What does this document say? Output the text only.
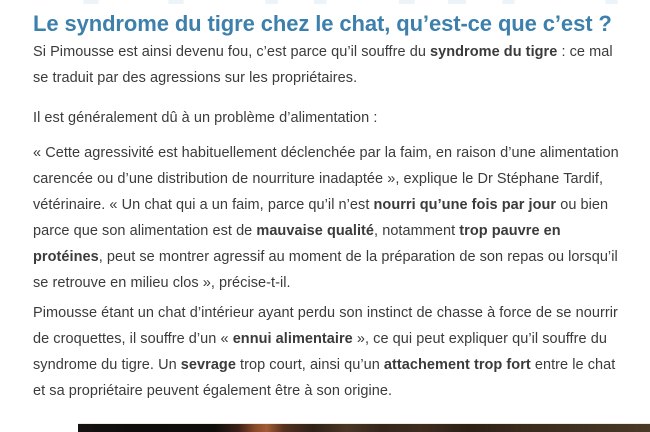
Le syndrome du tigre chez le chat, qu’est-ce que c’est ?

Si Pimousse est ainsi devenu fou, c’est parce qu’il souffre du syndrome du tigre : ce mal se traduit par des agressions sur les propriétaires.

Il est généralement dû à un problème d’alimentation :

« Cette agressivité est habituellement déclenchée par la faim, en raison d’une alimentation carencée ou d’une distribution de nourriture inadaptée », explique le Dr Stéphane Tardif, vétérinaire. « Un chat qui a un faim, parce qu’il n’est nourri qu’une fois par jour ou bien parce que son alimentation est de mauvaise qualité, notamment trop pauvre en protéines, peut se montrer agressif au moment de la préparation de son repas ou lorsqu’il se retrouve en milieu clos », précise-t-il.

Pimousse étant un chat d’intérieur ayant perdu son instinct de chasse à force de se nourrir de croquettes, il souffre d’un « ennui alimentaire », ce qui peut expliquer qu’il souffre du syndrome du tigre. Un sevrage trop court, ainsi qu’un attachement trop fort entre le chat et sa propriétaire peuvent également être à son origine.
